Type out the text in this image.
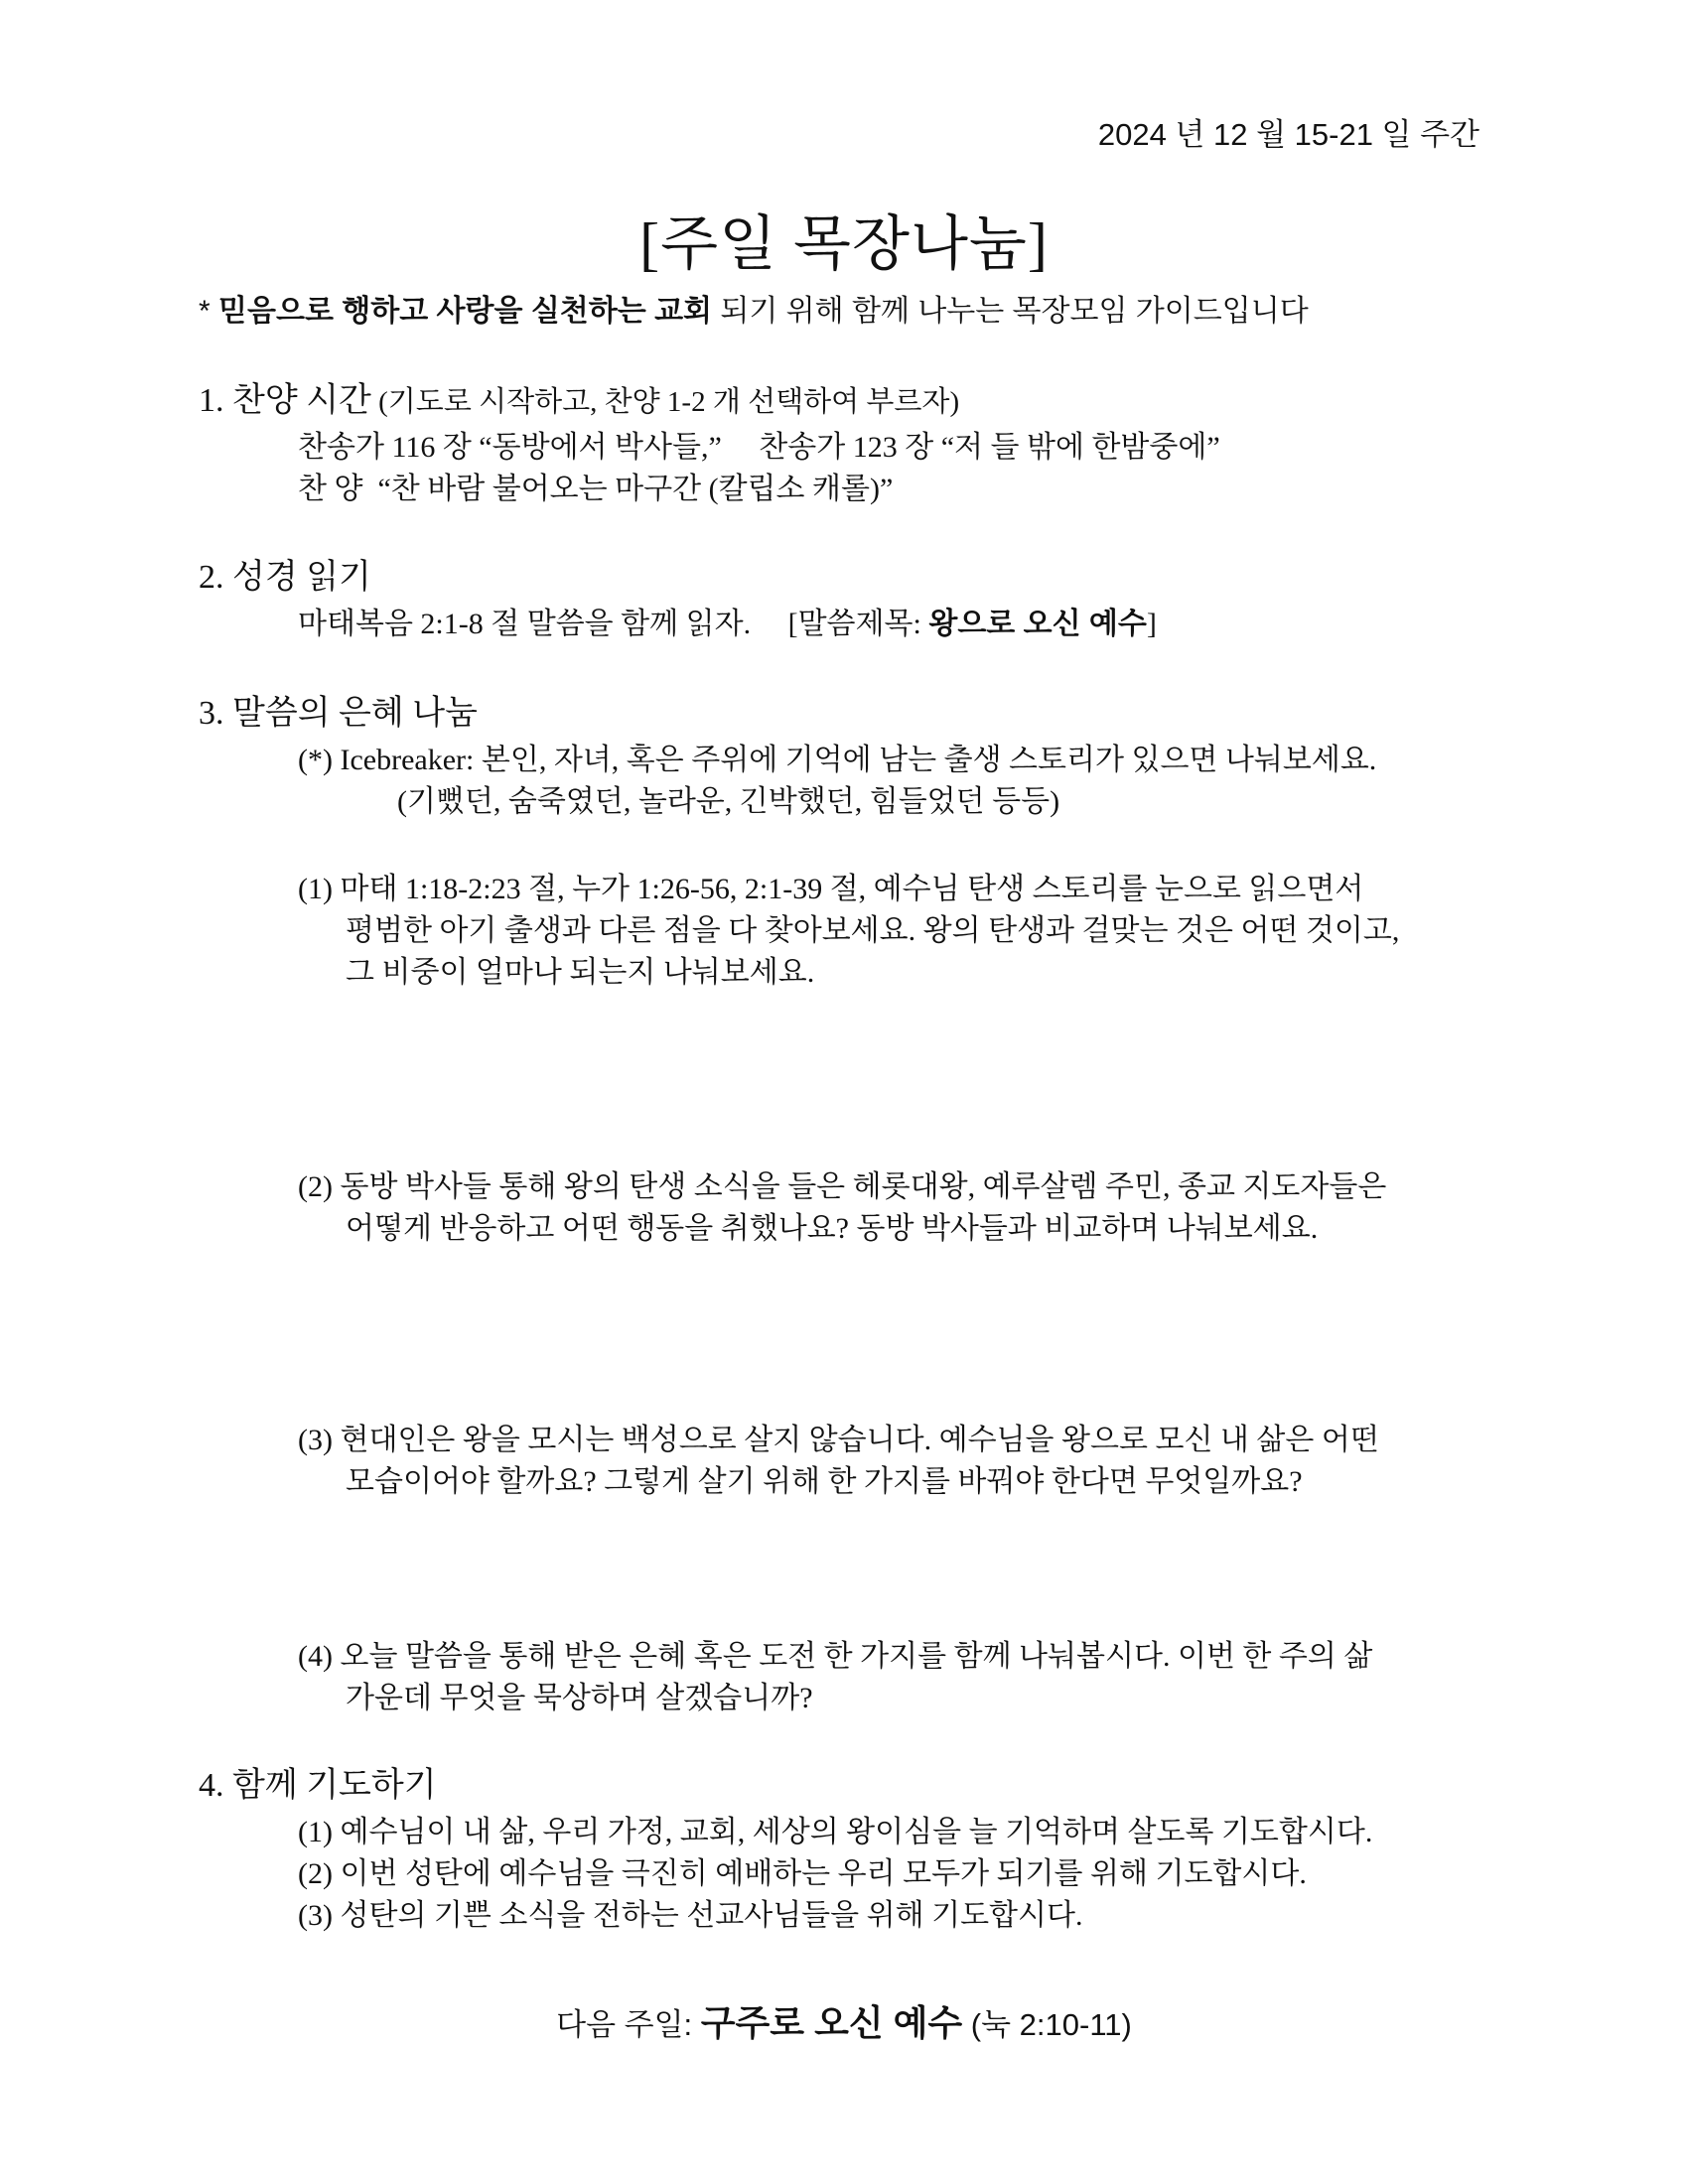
2024 년 12 월 15-21 일 주간
[주일 목장나눔]
* 믿음으로 행하고 사랑을 실천하는 교회 되기 위해 함께 나누는 목장모임 가이드입니다
1. 찬양 시간 (기도로 시작하고, 찬양 1-2 개 선택하여 부르자)
찬송가 116 장 “동방에서 박사들,”     찬송가 123 장 “저 들 밖에 한밤중에”
찬 양  “찬 바람 불어오는 마구간 (칼립소 캐롤)”
2. 성경 읽기
마태복음 2:1-8 절 말씀을 함께 읽자.     [말씀제목: 왕으로 오신 예수]
3. 말씀의 은혜 나눔
(*) Icebreaker: 본인, 자녀, 혹은 주위에 기억에 남는 출생 스토리가 있으면 나눠보세요.
(기뻤던, 숨죽였던, 놀라운, 긴박했던, 힘들었던 등등)
(1) 마태 1:18-2:23 절, 누가 1:26-56, 2:1-39 절, 예수님 탄생 스토리를 눈으로 읽으면서
평범한 아기 출생과 다른 점을 다 찾아보세요. 왕의 탄생과 걸맞는 것은 어떤 것이고,
그 비중이 얼마나 되는지 나눠보세요.
(2) 동방 박사들 통해 왕의 탄생 소식을 들은 헤롯대왕, 예루살렘 주민, 종교 지도자들은
어떻게 반응하고 어떤 행동을 취했나요? 동방 박사들과 비교하며 나눠보세요.
(3) 현대인은 왕을 모시는 백성으로 살지 않습니다. 예수님을 왕으로 모신 내 삶은 어떤
모습이어야 할까요? 그렇게 살기 위해 한 가지를 바꿔야 한다면 무엇일까요?
(4) 오늘 말씀을 통해 받은 은혜 혹은 도전 한 가지를 함께 나눠봅시다. 이번 한 주의 삶
가운데 무엇을 묵상하며 살겠습니까?
4. 함께 기도하기
(1) 예수님이 내 삶, 우리 가정, 교회, 세상의 왕이심을 늘 기억하며 살도록 기도합시다.
(2) 이번 성탄에 예수님을 극진히 예배하는 우리 모두가 되기를 위해 기도합시다.
(3) 성탄의 기쁜 소식을 전하는 선교사님들을 위해 기도합시다.
다음 주일: 구주로 오신 예수 (눅 2:10-11)
